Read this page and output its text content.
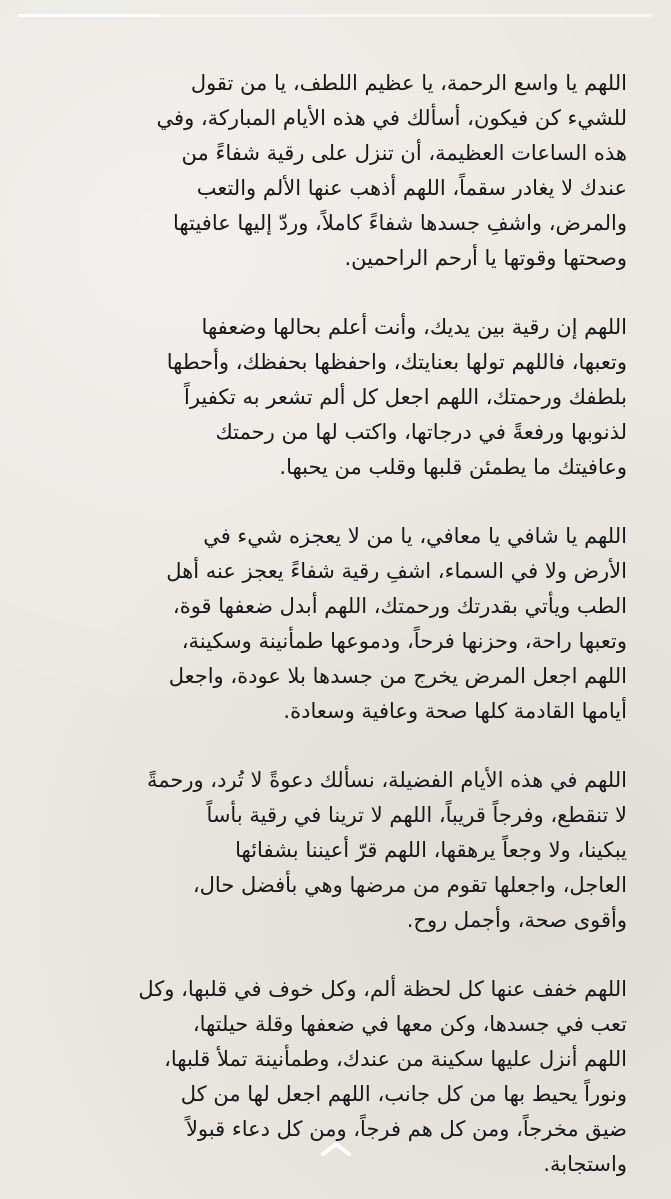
اللهم يا واسع الرحمة، يا عظيم اللطف، يا من تقول
للشيء كن فيكون، أسألك في هذه الأيام المباركة، وفي
هذه الساعات العظيمة، أن تنزل على رقية شفاءً من
عندك لا يغادر سقماً، اللهم أذهب عنها الألم والتعب
والمرض، واشفِ جسدها شفاءً كاملاً، وردّ إليها عافيتها
وصحتها وقوتها يا أرحم الراحمين.

اللهم إن رقية بين يديك، وأنت أعلم بحالها وضعفها
وتعبها، فاللهم تولها بعنايتك، واحفظها بحفظك، وأحطها
بلطفك ورحمتك، اللهم اجعل كل ألم تشعر به تكفيراً
لذنوبها ورفعةً في درجاتها، واكتب لها من رحمتك
وعافيتك ما يطمئن قلبها وقلب من يحبها.

اللهم يا شافي يا معافي، يا من لا يعجزه شيء في
الأرض ولا في السماء، اشفِ رقية شفاءً يعجز عنه أهل
الطب ويأتي بقدرتك ورحمتك، اللهم أبدل ضعفها قوة،
وتعبها راحة، وحزنها فرحاً، ودموعها طمأنينة وسكينة،
اللهم اجعل المرض يخرج من جسدها بلا عودة، واجعل
أيامها القادمة كلها صحة وعافية وسعادة.

اللهم في هذه الأيام الفضيلة، نسألك دعوةً لا تُرد، ورحمةً
لا تنقطع، وفرجاً قريباً، اللهم لا ترينا في رقية بأساً
يبكينا، ولا وجعاً يرهقها، اللهم قرّ أعيننا بشفائها
العاجل، واجعلها تقوم من مرضها وهي بأفضل حال،
وأقوى صحة، وأجمل روح.

اللهم خفف عنها كل لحظة ألم، وكل خوف في قلبها، وكل
تعب في جسدها، وكن معها في ضعفها وقلة حيلتها،
اللهم أنزل عليها سكينة من عندك، وطمأنينة تملأ قلبها،
ونوراً يحيط بها من كل جانب، اللهم اجعل لها من كل
ضيق مخرجاً، ومن كل هم فرجاً، ومن كل دعاء قبولاً
واستجابة.
